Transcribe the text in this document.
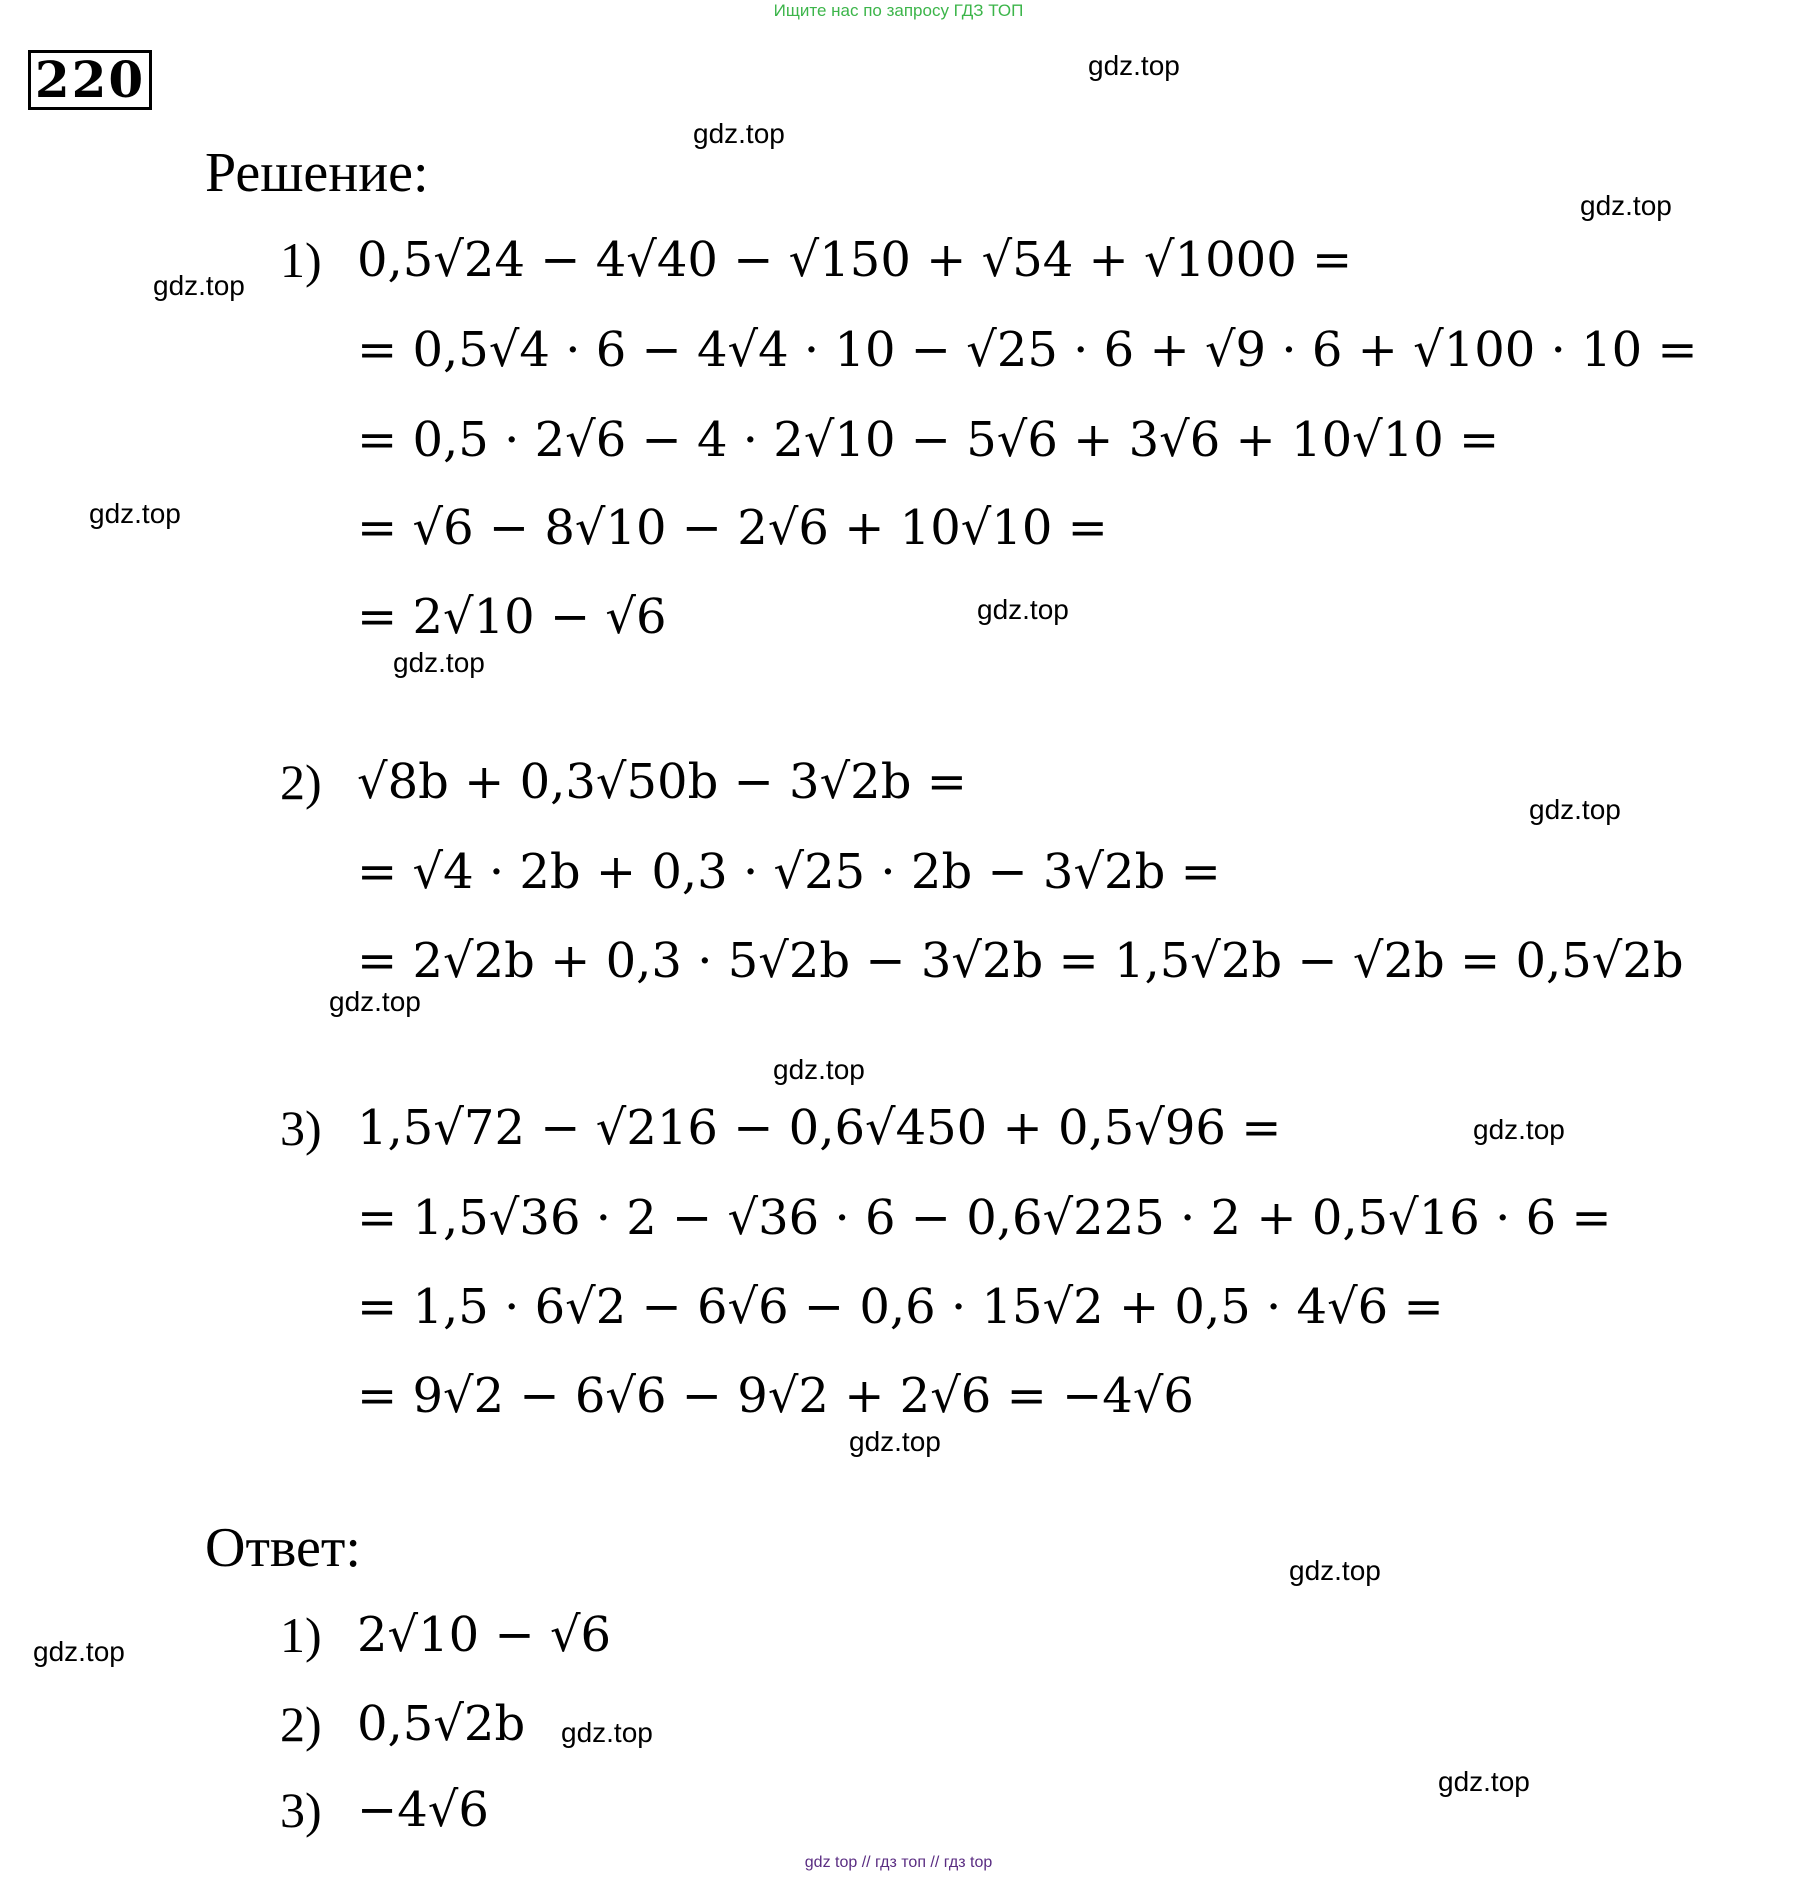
Ищите нас по запросу ГДЗ ТОП
220
Решение:
1) 0,5√24 − 4√40 − √150 + √54 + √1000 =
= 0,5√4 · 6 − 4√4 · 10 − √25 · 6 + √9 · 6 + √100 · 10 =
= 0,5 · 2√6 − 4 · 2√10 − 5√6 + 3√6 + 10√10 =
= √6 − 8√10 − 2√6 + 10√10 =
= 2√10 − √6
2) √8b + 0,3√50b − 3√2b =
= √4 · 2b + 0,3 · √25 · 2b − 3√2b =
= 2√2b + 0,3 · 5√2b − 3√2b = 1,5√2b − √2b = 0,5√2b
3) 1,5√72 − √216 − 0,6√450 + 0,5√96 =
= 1,5√36 · 2 − √36 · 6 − 0,6√225 · 2 + 0,5√16 · 6 =
= 1,5 · 6√2 − 6√6 − 0,6 · 15√2 + 0,5 · 4√6 =
= 9√2 − 6√6 − 9√2 + 2√6 = −4√6
Ответ:
1) 2√10 − √6
2) 0,5√2b
3) −4√6
gdz.top
gdz.top
gdz.top
gdz.top
gdz.top
gdz.top
gdz.top
gdz.top
gdz.top
gdz.top
gdz.top
gdz.top
gdz.top
gdz.top
gdz.top
gdz.top
gdz top // гдз топ // гдз top
